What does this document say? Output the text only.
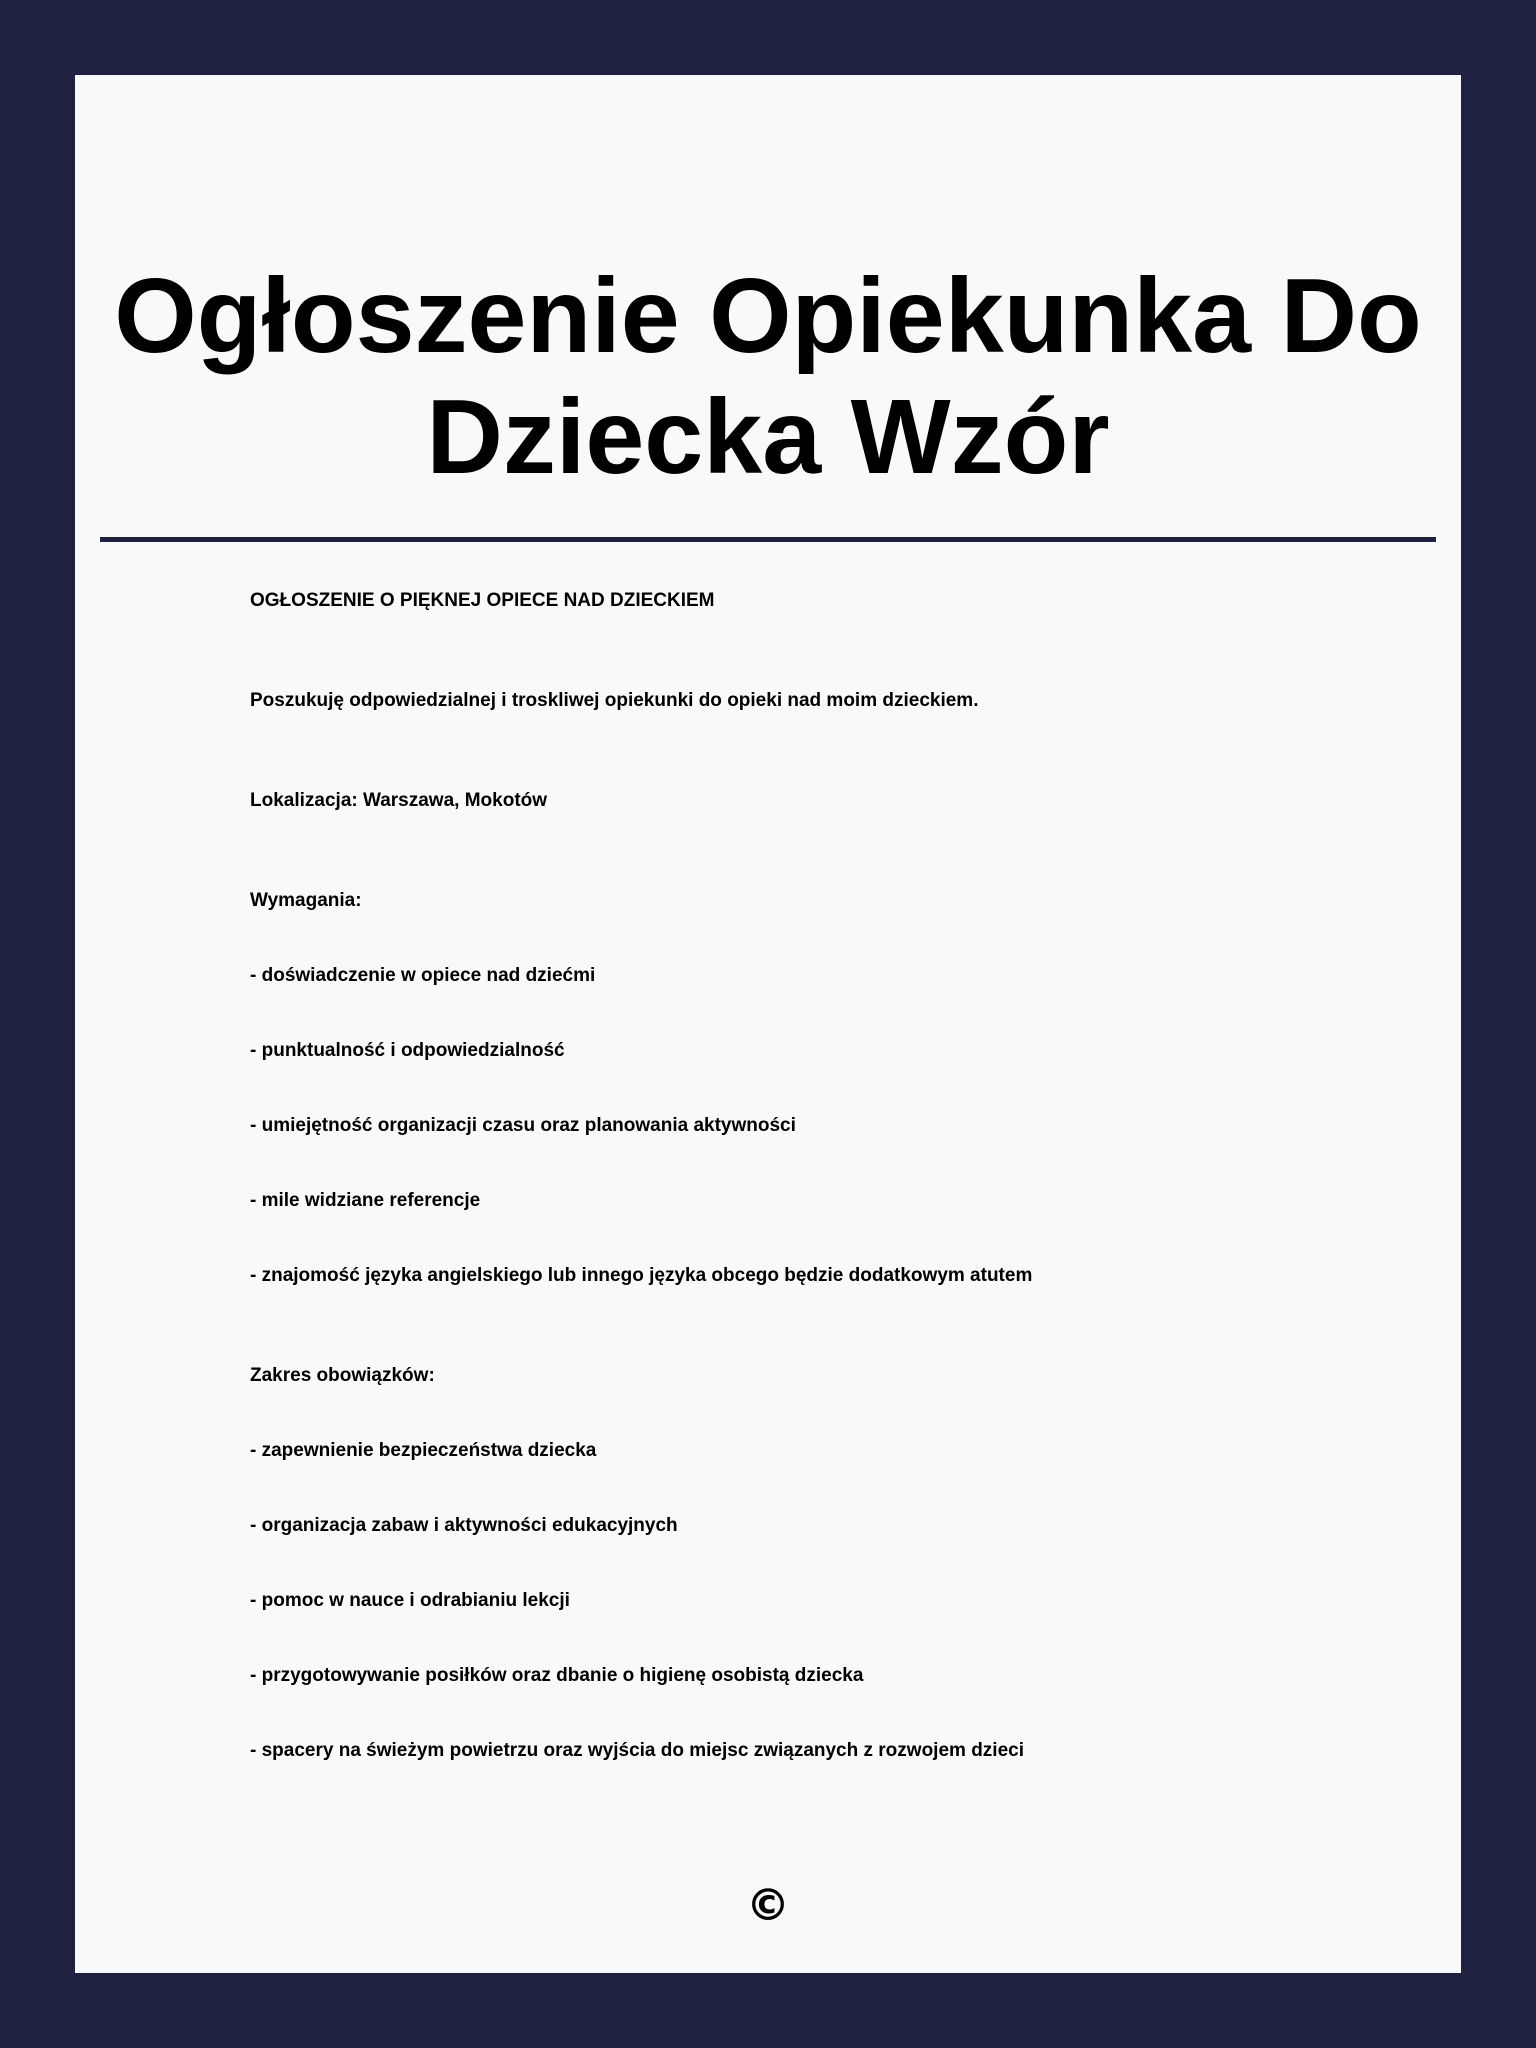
Ogłoszenie Opiekunka Do Dziecka Wzór
OGŁOSZENIE O PIĘKNEJ OPIECE NAD DZIECKIEM
Poszukuję odpowiedzialnej i troskliwej opiekunki do opieki nad moim dzieckiem.
Lokalizacja: Warszawa, Mokotów
Wymagania:
- doświadczenie w opiece nad dziećmi
- punktualność i odpowiedzialność
- umiejętność organizacji czasu oraz planowania aktywności
- mile widziane referencje
- znajomość języka angielskiego lub innego języka obcego będzie dodatkowym atutem
Zakres obowiązków:
- zapewnienie bezpieczeństwa dziecka
- organizacja zabaw i aktywności edukacyjnych
- pomoc w nauce i odrabianiu lekcji
- przygotowywanie posiłków oraz dbanie o higienę osobistą dziecka
- spacery na świeżym powietrzu oraz wyjścia do miejsc związanych z rozwojem dzieci
©
